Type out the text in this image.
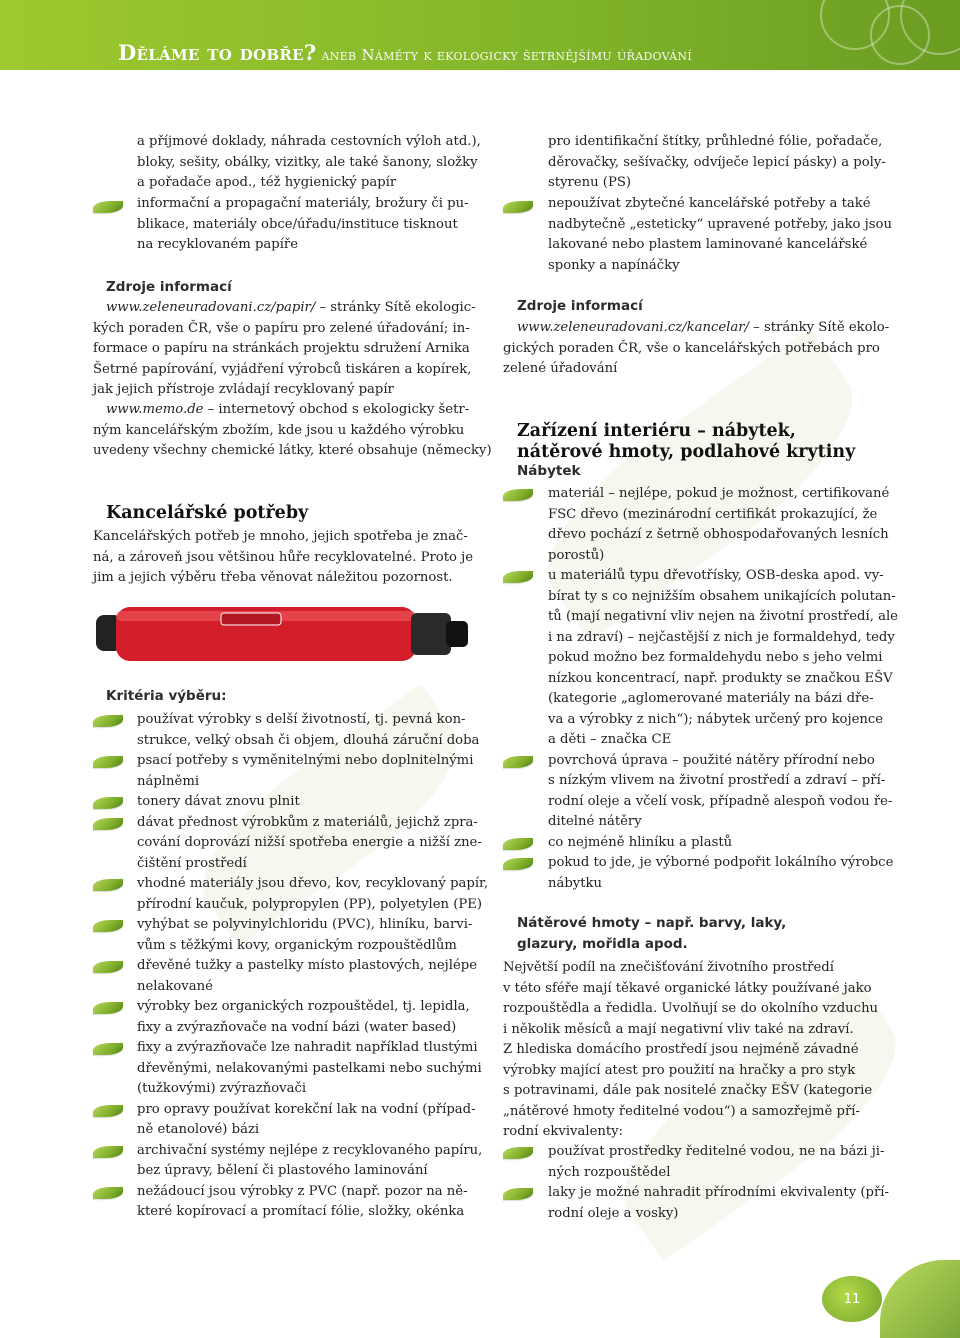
Děláme to dobře? aneb Náměty k ekologicky šetrnějšímu úřadování
a příjmové doklady, náhrada cestovních výloh atd.),
bloky, sešity, obálky, vizitky, ale také šanony, složky
a pořadače apod., též hygienický papír
informační a propagační materiály, brožury či pu-
blikace, materiály obce/úřadu/instituce tisknout
na recyklovaném papíře
Zdroje informací
www.zeleneuradovani.cz/papir/ – stránky Sítě ekologic-
kých poraden ČR, vše o papíru pro zelené úřadování; in-
formace o papíru na stránkách projektu sdružení Arnika
Šetrné papírování, vyjádření výrobců tiskáren a kopírek,
jak jejich přístroje zvládají recyklovaný papír
www.memo.de – internetový obchod s ekologicky šetr-
ným kancelářským zbožím, kde jsou u každého výrobku
uvedeny všechny chemické látky, které obsahuje (německy)
Kancelářské potřeby
Kancelářských potřeb je mnoho, jejich spotřeba je znač-
ná, a zároveň jsou většinou hůře recyklovatelné. Proto je
jim a jejich výběru třeba věnovat náležitou pozornost.
Kritéria výběru:
používat výrobky s delší životností, tj. pevná kon-
strukce, velký obsah či objem, dlouhá záruční doba
psací potřeby s vyměnitelnými nebo doplnitelnými
náplněmi
tonery dávat znovu plnit
dávat přednost výrobkům z materiálů, jejichž zpra-
cování doprovází nižší spotřeba energie a nižší zne-
čištění prostředí
vhodné materiály jsou dřevo, kov, recyklovaný papír,
přírodní kaučuk, polypropylen (PP), polyetylen (PE)
vyhýbat se polyvinylchloridu (PVC), hliníku, barvi-
vům s těžkými kovy, organickým rozpouštědlům
dřevěné tužky a pastelky místo plastových, nejlépe
nelakované
výrobky bez organických rozpouštědel, tj. lepidla,
fixy a zvýrazňovače na vodní bázi (water based)
fixy a zvýrazňovače lze nahradit například tlustými
dřevěnými, nelakovanými pastelkami nebo suchými
(tužkovými) zvýrazňovači
pro opravy používat korekční lak na vodní (případ-
ně etanolové) bázi
archivační systémy nejlépe z recyklovaného papíru,
bez úpravy, bělení či plastového laminování
nežádoucí jsou výrobky z PVC (např. pozor na ně-
které kopírovací a promítací fólie, složky, okénka
pro identifikační štítky, průhledné fólie, pořadače,
děrovačky, sešívačky, odvíječe lepicí pásky) a poly-
styrenu (PS)
nepoužívat zbytečné kancelářské potřeby a také
nadbytečně „esteticky“ upravené potřeby, jako jsou
lakované nebo plastem laminované kancelářské
sponky a napínáčky
Zdroje informací
www.zeleneuradovani.cz/kancelar/ – stránky Sítě ekolo-
gických poraden ČR, vše o kancelářských potřebách pro
zelené úřadování
Zařízení interiéru – nábytek,
nátěrové hmoty, podlahové krytiny
Nábytek
materiál – nejlépe, pokud je možnost, certifikované
FSC dřevo (mezinárodní certifikát prokazující, že
dřevo pochází z šetrně obhospodařovaných lesních
porostů)
u materiálů typu dřevotřísky, OSB-deska apod. vy-
bírat ty s co nejnižším obsahem unikajících polutan-
tů (mají negativní vliv nejen na životní prostředí, ale
i na zdraví) – nejčastější z nich je formaldehyd, tedy
pokud možno bez formaldehydu nebo s jeho velmi
nízkou koncentrací, např. produkty se značkou EŠV
(kategorie „aglomerované materiály na bázi dře-
va a výrobky z nich“); nábytek určený pro kojence
a děti – značka CE
povrchová úprava – použité nátěry přírodní nebo
s nízkým vlivem na životní prostředí a zdraví – pří-
rodní oleje a včelí vosk, případně alespoň vodou ře-
ditelné nátěry
co nejméně hliníku a plastů
pokud to jde, je výborné podpořit lokálního výrobce
nábytku
Nátěrové hmoty – např. barvy, laky,
glazury, mořidla apod.
Největší podíl na znečišťování životního prostředí
v této sféře mají těkavé organické látky používané jako
rozpouštědla a ředidla. Uvolňují se do okolního vzduchu
i několik měsíců a mají negativní vliv také na zdraví.
Z hlediska domácího prostředí jsou nejméně závadné
výrobky mající atest pro použití na hračky a pro styk
s potravinami, dále pak nositelé značky EŠV (kategorie
„nátěrové hmoty ředitelné vodou“) a samozřejmě pří-
rodní ekvivalenty:
používat prostředky ředitelné vodou, ne na bázi ji-
ných rozpouštědel
laky je možné nahradit přírodními ekvivalenty (pří-
rodní oleje a vosky)
11
